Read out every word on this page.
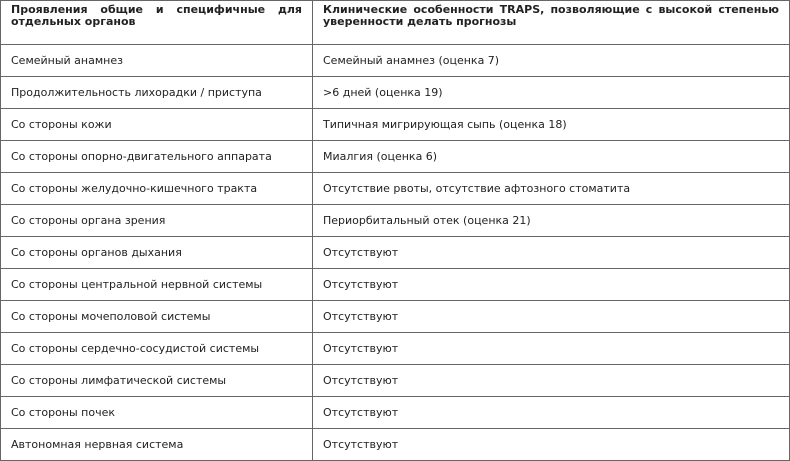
Проявления общие и специфичные для отдельных органов	Клинические особенности TRAPS, позволяющие с высокой степенью уверенности делать прогнозы
Семейный анамнез	Семейный анамнез (оценка 7)
Продолжительность лихорадки / приступа	>6 дней (оценка 19)
Со стороны кожи	Типичная мигрирующая сыпь (оценка 18)
Со стороны опорно-двигательного аппарата	Миалгия (оценка 6)
Со стороны желудочно-кишечного тракта	Отсутствие рвоты, отсутствие афтозного стоматита
Со стороны органа зрения	Периорбитальный отек (оценка 21)
Со стороны органов дыхания	Отсутствуют
Со стороны центральной нервной системы	Отсутствуют
Со стороны мочеполовой системы	Отсутствуют
Со стороны сердечно-сосудистой системы	Отсутствуют
Со стороны лимфатической системы	Отсутствуют
Со стороны почек	Отсутствуют
Автономная нервная система	Отсутствуют
